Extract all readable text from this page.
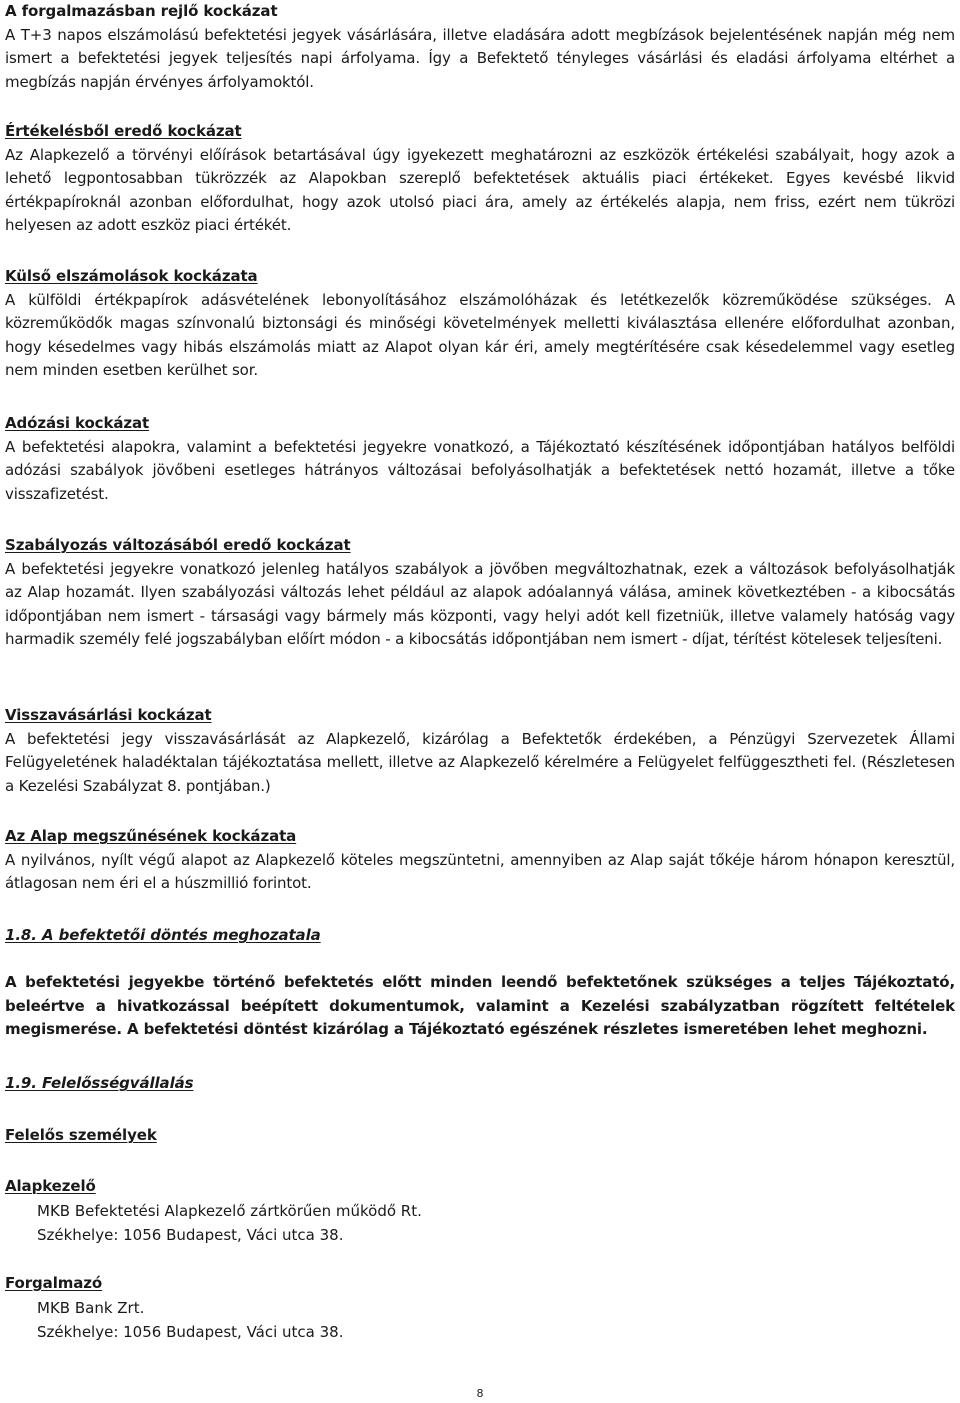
A forgalmazásban rejlő kockázat

A T+3 napos elszámolású befektetési jegyek vásárlására, illetve eladására adott megbízások bejelentésének napján még nem ismert a befektetési jegyek teljesítés napi árfolyama. Így a Befektető tényleges vásárlási és eladási árfolyama eltérhet a megbízás napján érvényes árfolyamoktól.

Értékelésből eredő kockázat

Az Alapkezelő a törvényi előírások betartásával úgy igyekezett meghatározni az eszközök értékelési szabályait, hogy azok a lehető legpontosabban tükrözzék az Alapokban szereplő befektetések aktuális piaci értékeket. Egyes kevésbé likvid értékpapíroknál azonban előfordulhat, hogy azok utolsó piaci ára, amely az értékelés alapja, nem friss, ezért nem tükrözi helyesen az adott eszköz piaci értékét.

Külső elszámolások kockázata

A külföldi értékpapírok adásvételének lebonyolításához elszámolóházak és letétkezelők közreműködése szükséges. A közreműködők magas színvonalú biztonsági és minőségi követelmények melletti kiválasztása ellenére előfordulhat azonban, hogy késedelmes vagy hibás elszámolás miatt az Alapot olyan kár éri, amely megtérítésére csak késedelemmel vagy esetleg nem minden esetben kerülhet sor.

Adózási kockázat

A befektetési alapokra, valamint a befektetési jegyekre vonatkozó, a Tájékoztató készítésének időpontjában hatályos belföldi adózási szabályok jövőbeni esetleges hátrányos változásai befolyásolhatják a befektetések nettó hozamát, illetve a tőke visszafizetést.

Szabályozás változásából eredő kockázat

A befektetési jegyekre vonatkozó jelenleg hatályos szabályok a jövőben megváltozhatnak, ezek a változások befolyásolhatják az Alap hozamát. Ilyen szabályozási változás lehet például az alapok adóalannyá válása, aminek következtében - a kibocsátás időpontjában nem ismert - társasági vagy bármely más központi, vagy helyi adót kell fizetniük, illetve valamely hatóság vagy harmadik személy felé jogszabályban előírt módon - a kibocsátás időpontjában nem ismert - díjat, térítést kötelesek teljesíteni.

Visszavásárlási kockázat

A befektetési jegy visszavásárlását az Alapkezelő, kizárólag a Befektetők érdekében, a Pénzügyi Szervezetek Állami Felügyeletének haladéktalan tájékoztatása mellett, illetve az Alapkezelő kérelmére a Felügyelet felfüggesztheti fel. (Részletesen a Kezelési Szabályzat 8. pontjában.)

Az Alap megszűnésének kockázata

A nyilvános, nyílt végű alapot az Alapkezelő köteles megszüntetni, amennyiben az Alap saját tőkéje három hónapon keresztül, átlagosan nem éri el a húszmillió forintot.

1.8. A befektetői döntés meghozatala

A befektetési jegyekbe történő befektetés előtt minden leendő befektetőnek szükséges a teljes Tájékoztató, beleértve a hivatkozással beépített dokumentumok, valamint a Kezelési szabályzatban rögzített feltételek megismerése. A befektetési döntést kizárólag a Tájékoztató egészének részletes ismeretében lehet meghozni.

1.9. Felelősségvállalás

Felelős személyek

Alapkezelő

MKB Befektetési Alapkezelő zártkörűen működő Rt.

Székhelye: 1056 Budapest, Váci utca 38.

Forgalmazó

MKB Bank Zrt.

Székhelye: 1056 Budapest, Váci utca 38.

8
